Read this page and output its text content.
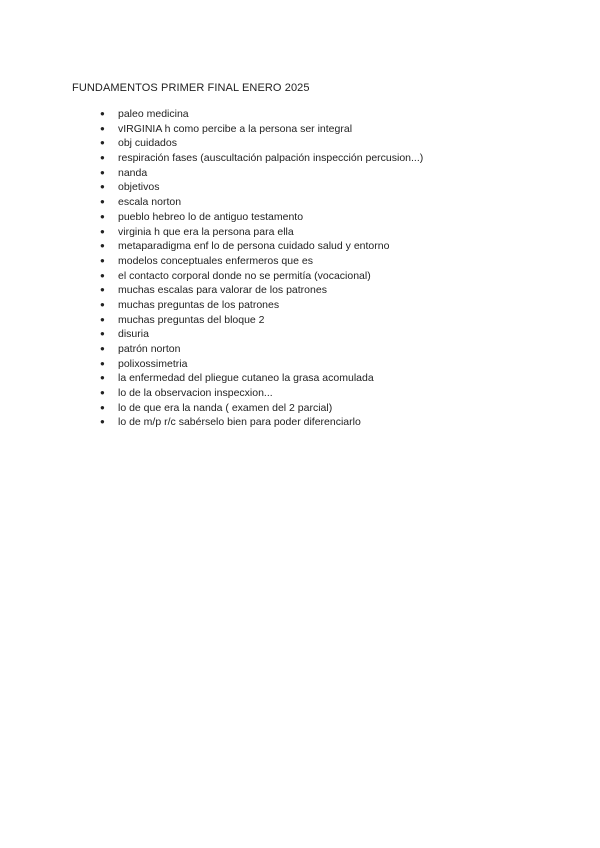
FUNDAMENTOS PRIMER FINAL ENERO 2025
●	paleo medicina
●	vIRGINIA h como percibe a la persona ser integral
●	obj cuidados
●	respiración fases (auscultación palpación inspección percusion...)
●	nanda
●	objetivos
●	escala norton
●	pueblo hebreo lo de antiguo testamento
●	virginia h que era la persona para ella
●	metaparadigma enf lo de persona cuidado salud y entorno
●	modelos conceptuales enfermeros que es
●	el contacto corporal donde no se permitía (vocacional)
●	muchas escalas para valorar de los patrones
●	muchas preguntas de los patrones
●	muchas preguntas del bloque 2
●	disuria
●	patrón norton
●	polixossimetria
●	la enfermedad del pliegue cutaneo la grasa acomulada
●	lo de la observacion inspecxion...
●	lo de que era la nanda ( examen del 2 parcial)
●	lo de m/p r/c sabérselo bien para poder diferenciarlo
